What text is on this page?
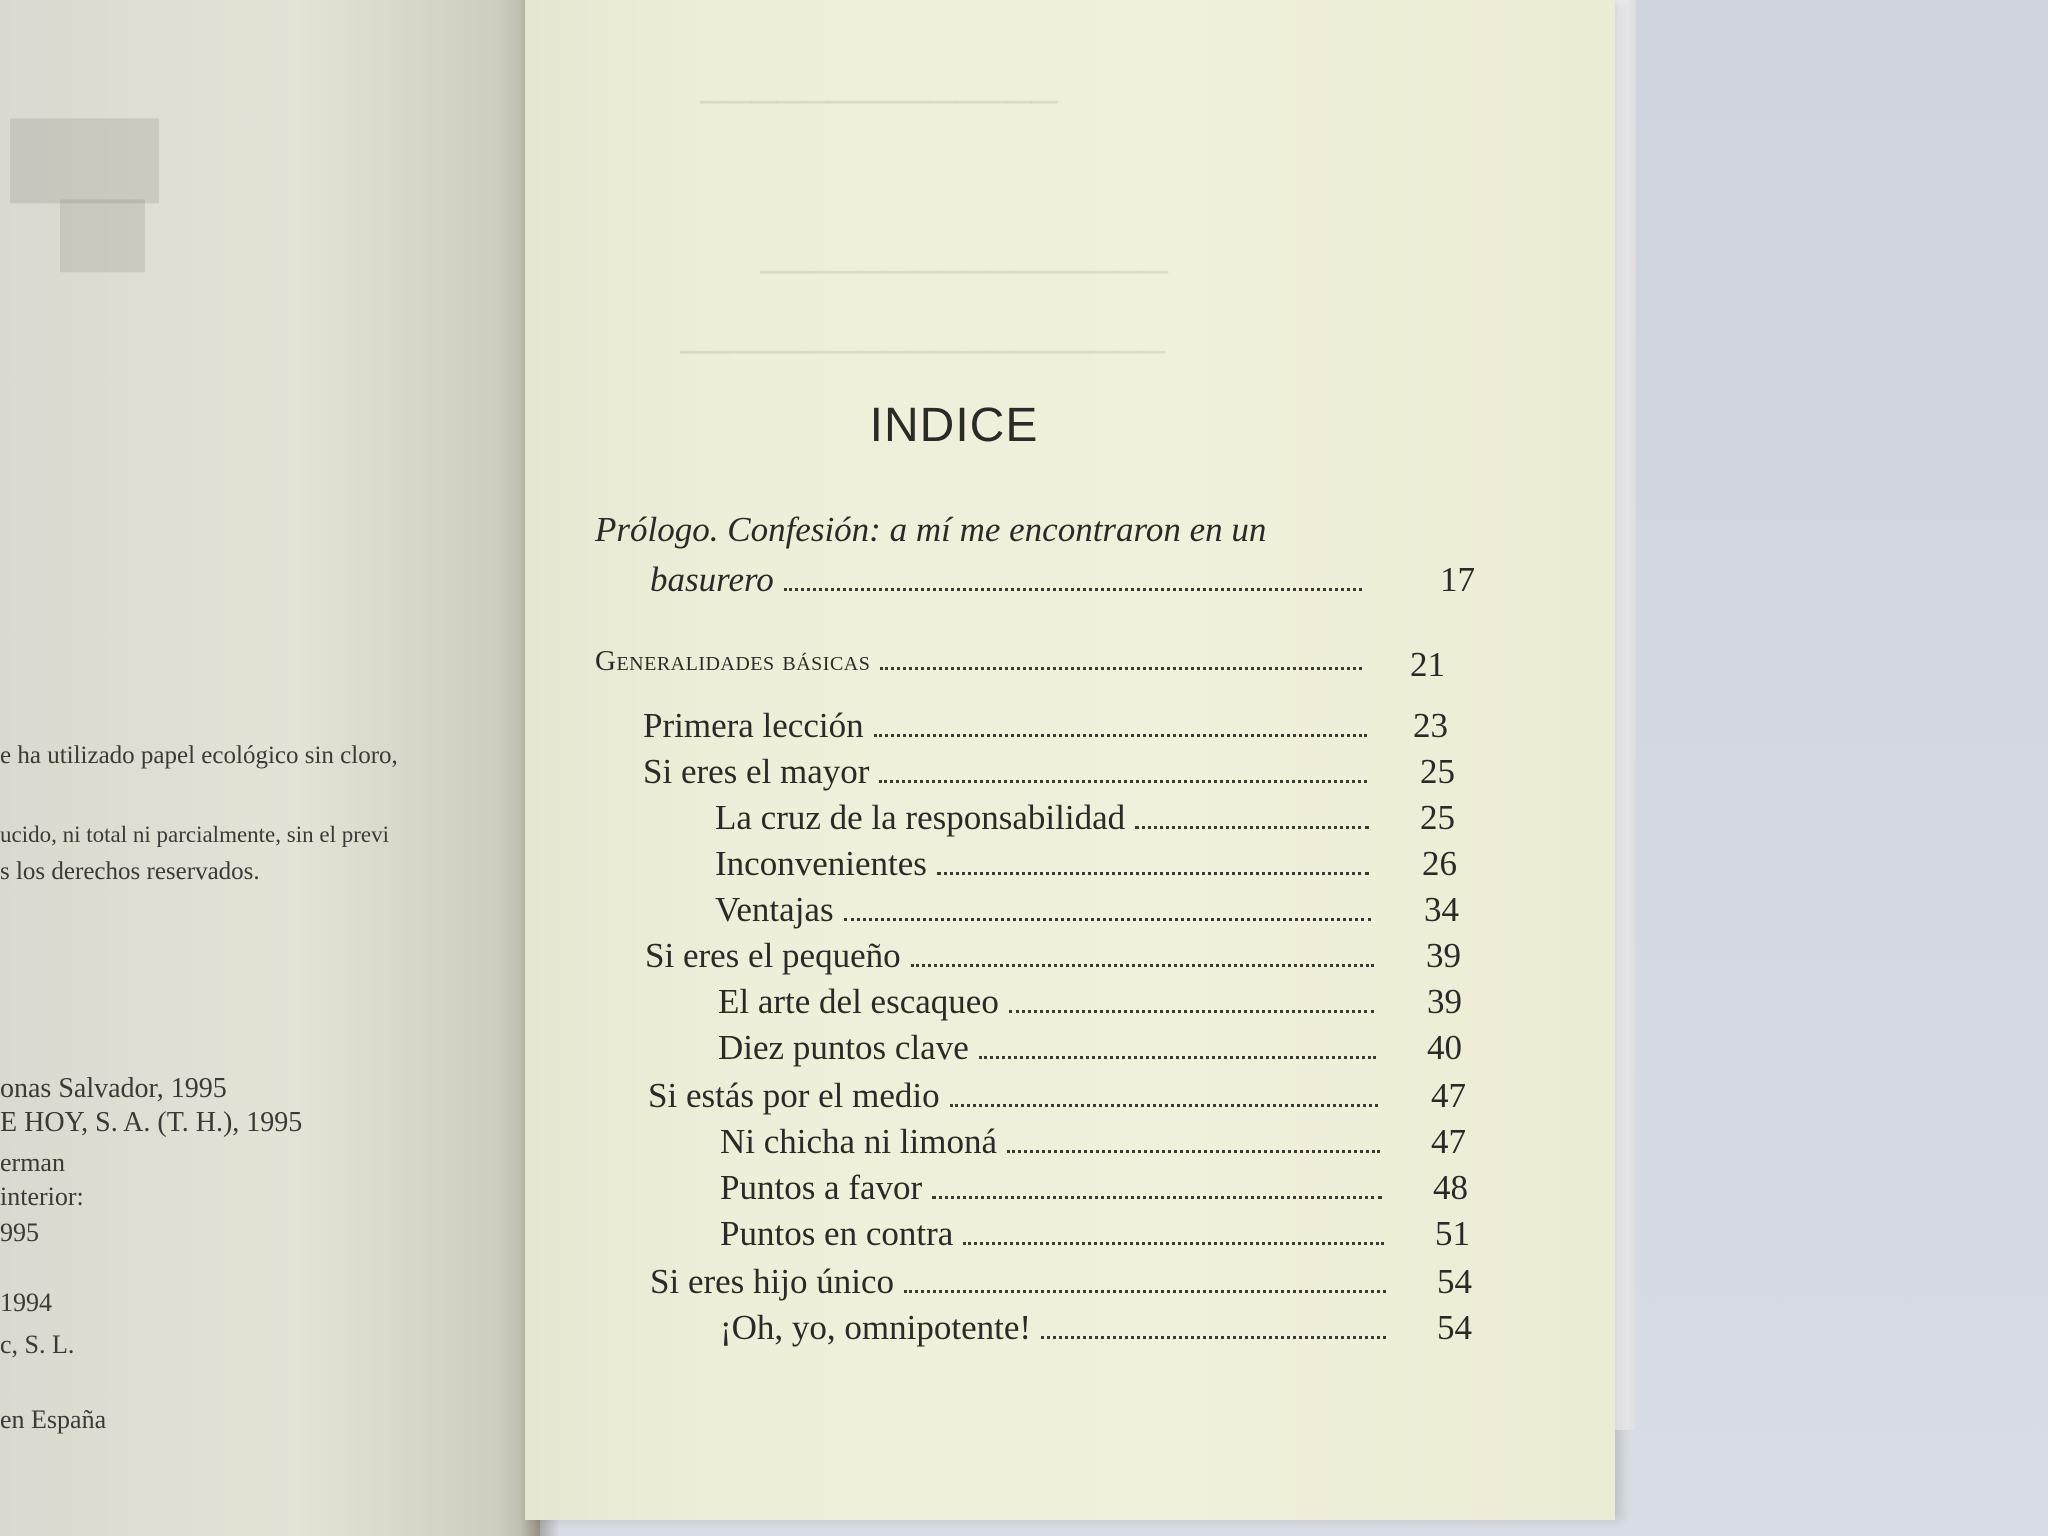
███
██
e ha utilizado papel ecológico sin cloro,
ucido, ni total ni parcialmente, sin el previ
s los derechos reservados.
onas Salvador, 1995
E HOY, S. A. (T. H.), 1995
erman
interior:
995
1994
c, S. L.
en España
──────────────
────────────────
───────────────────
INDICE
Prólogo. Confesión: a mí me encontraron en un
basurero	17
Generalidades básicas	21
Primera lección	23
Si eres el mayor	25
La cruz de la responsabilidad	25
Inconvenientes	26
Ventajas	34
Si eres el pequeño	39
El arte del escaqueo	39
Diez puntos clave	40
Si estás por el medio	47
Ni chicha ni limoná	47
Puntos a favor	48
Puntos en contra	51
Si eres hijo único	54
¡Oh, yo, omnipotente!	54
